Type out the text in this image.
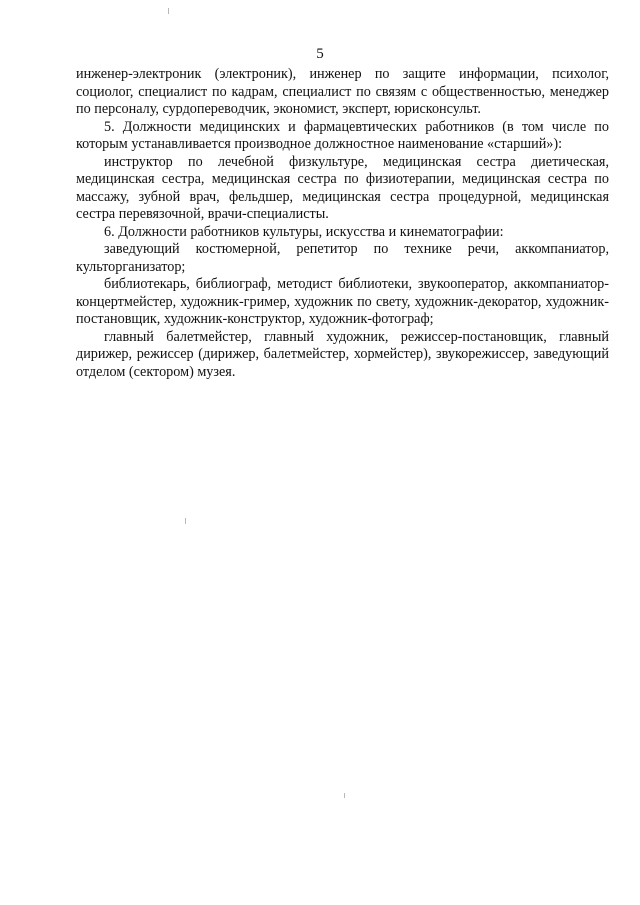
5

инженер-электроник (электроник), инженер по защите информации, психолог, социолог, специалист по кадрам, специалист по связям с общественностью, менеджер по персоналу, сурдопереводчик, экономист, эксперт, юрисконсульт.

5. Должности медицинских и фармацевтических работников (в том числе по которым устанавливается производное должностное наименование «старший»):

инструктор по лечебной физкультуре, медицинская сестра диетическая, медицинская сестра, медицинская сестра по физиотерапии, медицинская сестра по массажу, зубной врач, фельдшер, медицинская сестра процедурной, медицинская сестра перевязочной, врачи-специалисты.

6. Должности работников культуры, искусства и кинематографии:

заведующий костюмерной, репетитор по технике речи, аккомпаниатор, культорганизатор;

библиотекарь, библиограф, методист библиотеки, звукооператор, аккомпаниатор-концертмейстер, художник-гример, художник по свету, художник-декоратор, художник-постановщик, художник-конструктор, художник-фотограф;

главный балетмейстер, главный художник, режиссер-постановщик, главный дирижер, режиссер (дирижер, балетмейстер, хормейстер), звукорежиссер, заведующий отделом (сектором) музея.
